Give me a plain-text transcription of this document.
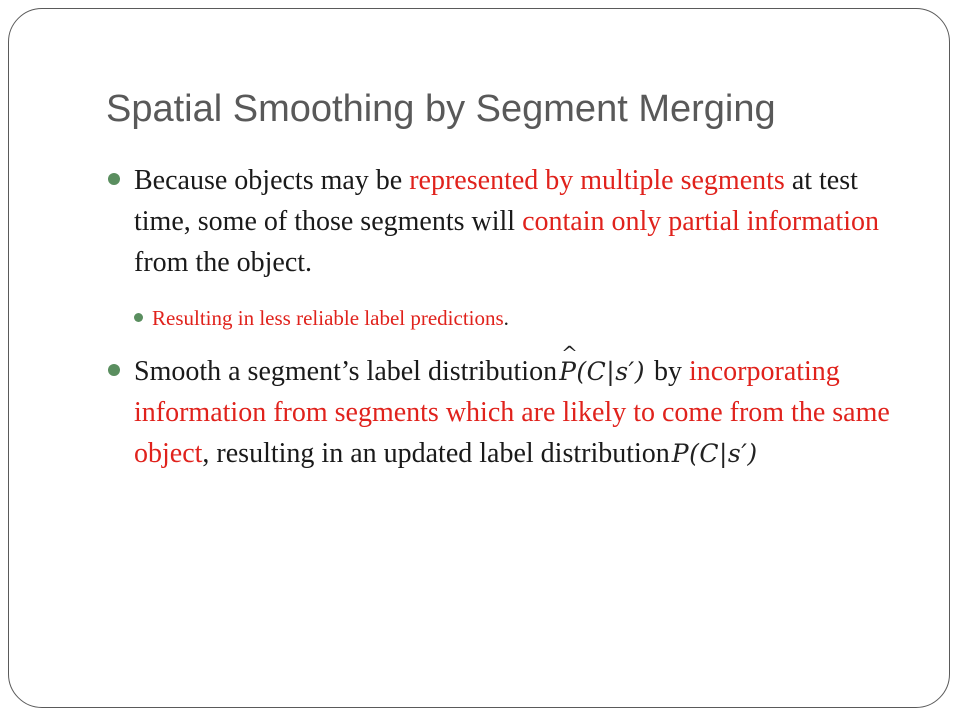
Spatial Smoothing by Segment Merging
Because objects may be represented by multiple segments at test time, some of those segments will contain only partial information from the object.
Resulting in less reliable label predictions.
Smooth a segment’s label distribution^ P(C|s′) by incorporating information from segments which are likely to come from the same object, resulting in an updated label distributionP(C|s′)
